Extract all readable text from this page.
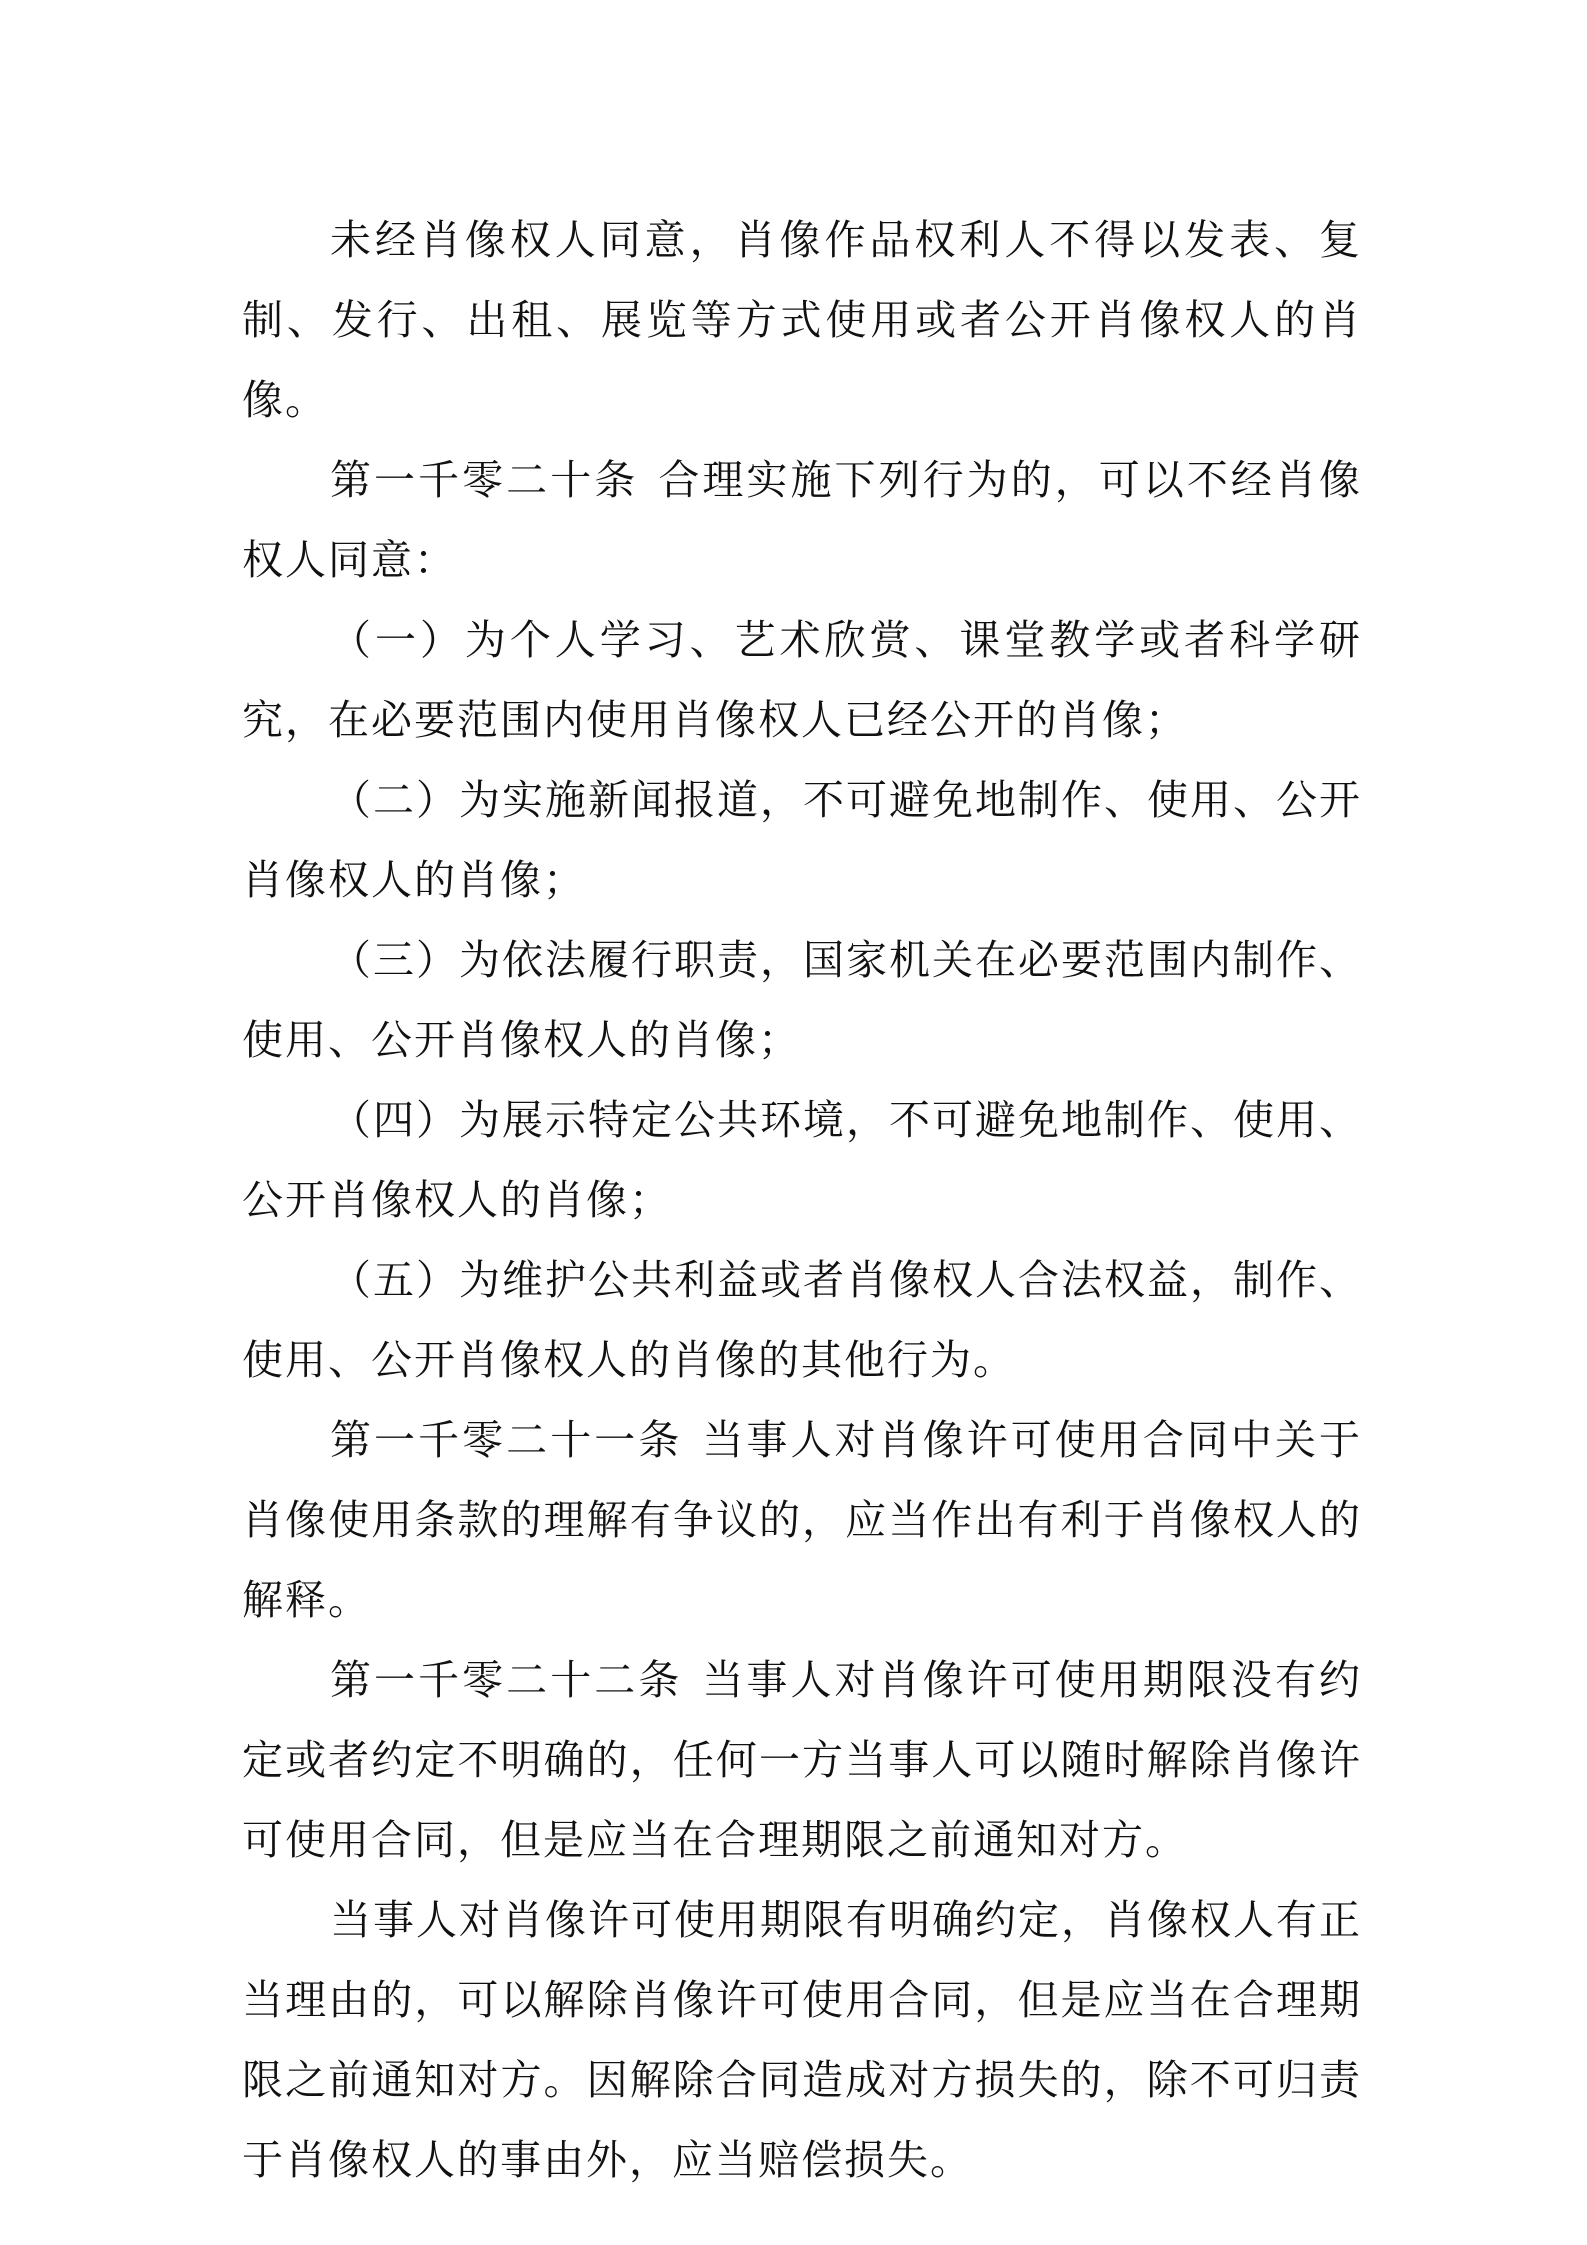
未经肖像权人同意，肖像作品权利人不得以发表、复制、发行、出租、展览等方式使用或者公开肖像权人的肖像。

第一千零二十条 合理实施下列行为的，可以不经肖像权人同意：

（一）为个人学习、艺术欣赏、课堂教学或者科学研究，在必要范围内使用肖像权人已经公开的肖像；

（二）为实施新闻报道，不可避免地制作、使用、公开肖像权人的肖像；

（三）为依法履行职责，国家机关在必要范围内制作、使用、公开肖像权人的肖像；

（四）为展示特定公共环境，不可避免地制作、使用、公开肖像权人的肖像；

（五）为维护公共利益或者肖像权人合法权益，制作、使用、公开肖像权人的肖像的其他行为。

第一千零二十一条 当事人对肖像许可使用合同中关于肖像使用条款的理解有争议的，应当作出有利于肖像权人的解释。

第一千零二十二条 当事人对肖像许可使用期限没有约定或者约定不明确的，任何一方当事人可以随时解除肖像许可使用合同，但是应当在合理期限之前通知对方。

当事人对肖像许可使用期限有明确约定，肖像权人有正当理由的，可以解除肖像许可使用合同，但是应当在合理期限之前通知对方。因解除合同造成对方损失的，除不可归责于肖像权人的事由外，应当赔偿损失。
